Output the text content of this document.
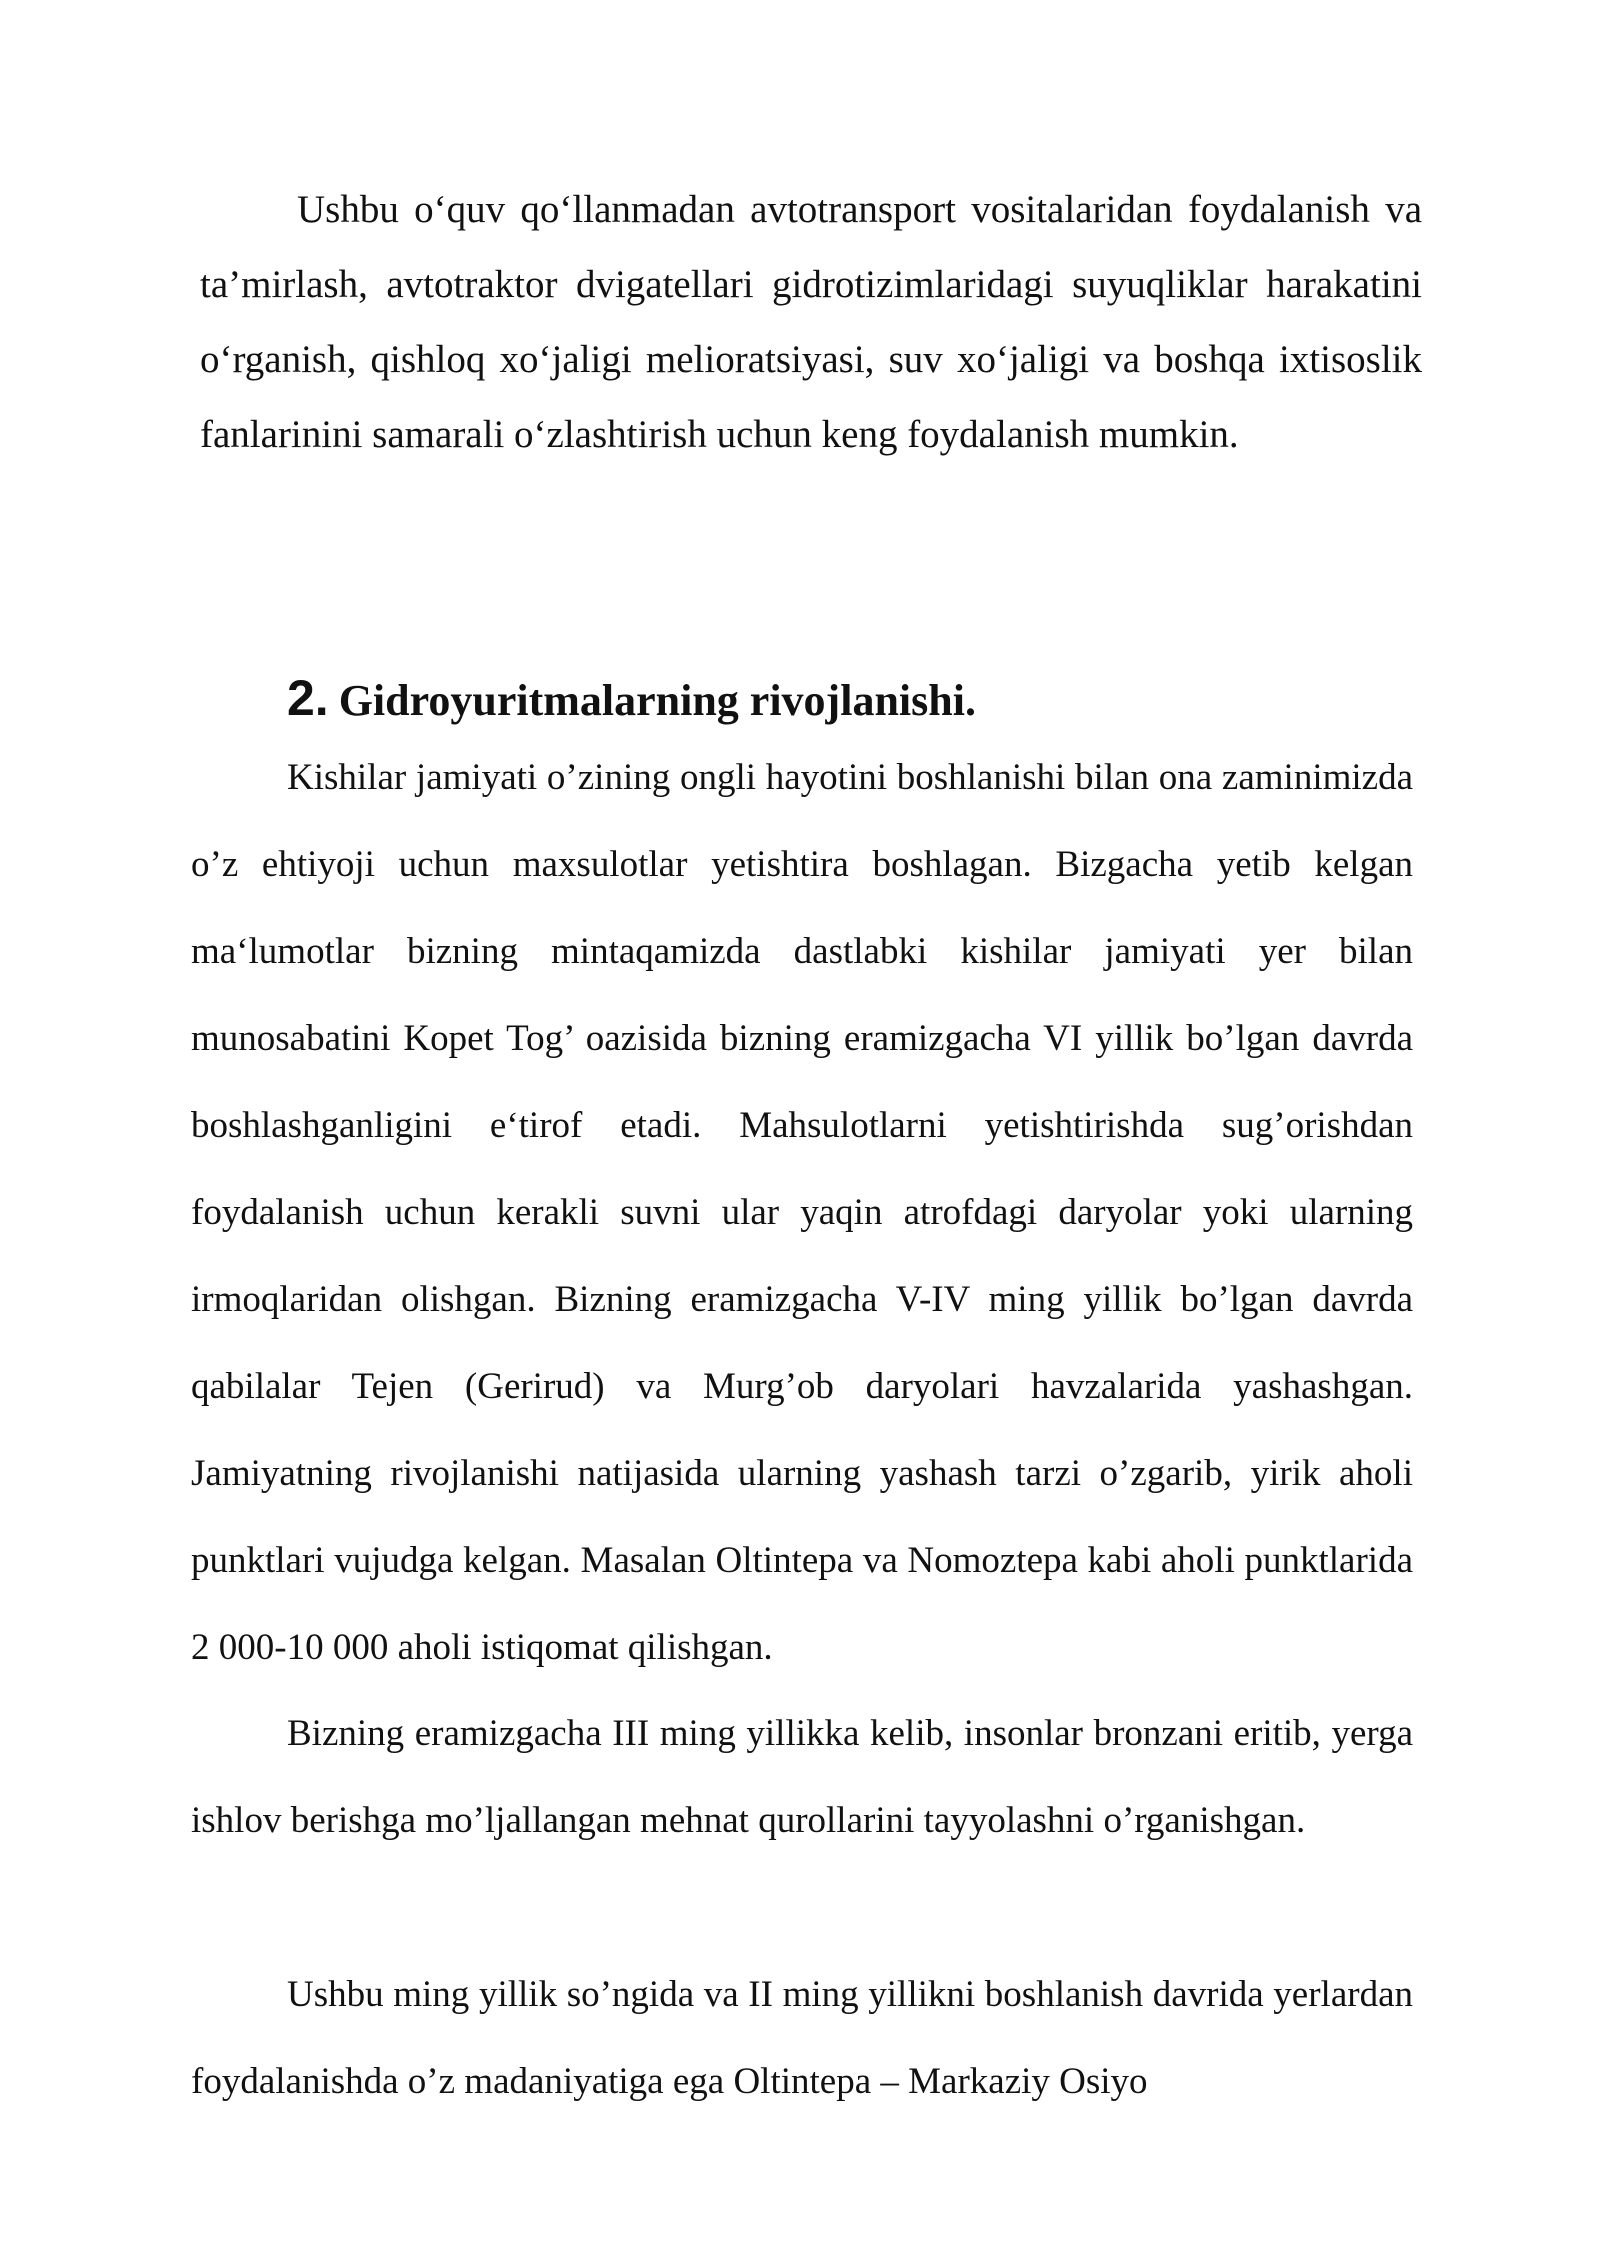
Ushbu o‘quv qo‘llanmadan avtotransport vositalaridan foydalanish va ta’mirlash, avtotraktor dvigatellari gidrotizimlaridagi suyuqliklar harakatini o‘rganish, qishloq xo‘jaligi melioratsiyasi, suv xo‘jaligi va boshqa ixtisoslik fanlarinini samarali o‘zlashtirish uchun keng foydalanish mumkin.

2. Gidroyuritmalarning rivojlanishi.

Kishilar jamiyati o’zining ongli hayotini boshlanishi bilan ona zaminimizda o’z ehtiyoji uchun maxsulotlar yetishtira boshlagan. Bizgacha yetib kelgan ma‘lumotlar bizning mintaqamizda dastlabki kishilar jamiyati yer bilan munosabatini Kopet Tog’ oazisida bizning eramizgacha VI yillik bo’lgan davrda boshlashganligini e‘tirof etadi. Mahsulotlarni yetishtirishda sug’orishdan foydalanish uchun kerakli suvni ular yaqin atrofdagi daryolar yoki ularning irmoqlaridan olishgan. Bizning eramizgacha V-IV ming yillik bo’lgan davrda qabilalar Tejen (Gerirud) va Murg’ob daryolari havzalarida yashashgan. Jamiyatning rivojlanishi natijasida ularning yashash tarzi o’zgarib, yirik aholi punktlari vujudga kelgan. Masalan Oltintepa va Nomoztepa kabi aholi punktlarida 2 000-10 000 aholi istiqomat qilishgan.

Bizning eramizgacha III ming yillikka kelib, insonlar bronzani eritib, yerga ishlov berishga mo’ljallangan mehnat qurollarini tayyolashni o’rganishgan.

Ushbu ming yillik so’ngida va II ming yillikni boshlanish davrida yerlardan foydalanishda o’z madaniyatiga ega Oltintepa – Markaziy Osiyo
